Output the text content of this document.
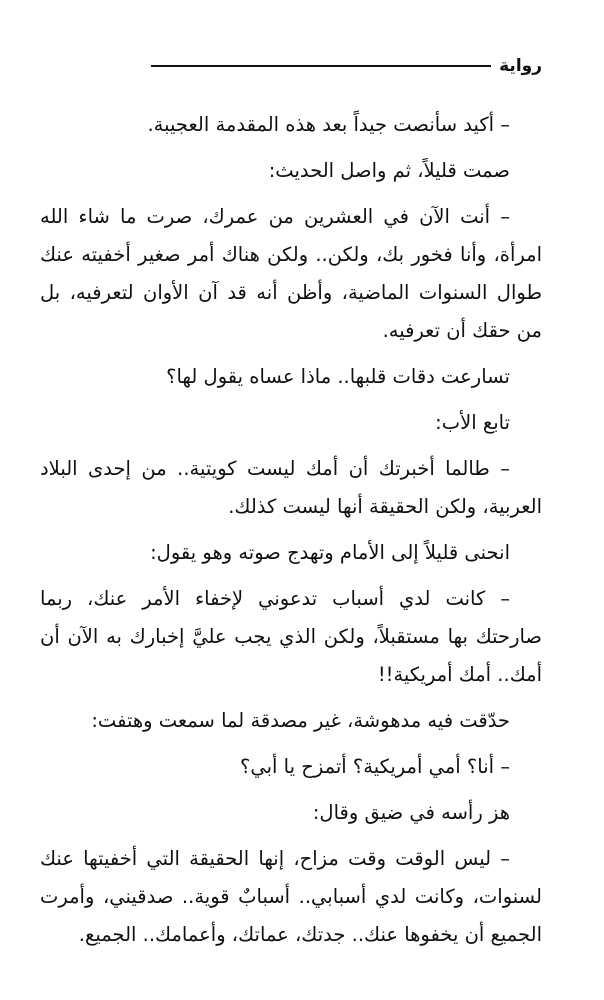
رواية

– أكيد سأنصت جيداً بعد هذه المقدمة العجيبة.

صمت قليلاً، ثم واصل الحديث:

– أنت الآن في العشرين من عمرك، صرت ما شاء الله امرأة، وأنا فخور بك، ولكن.. ولكن هناك أمر صغير أخفيته عنك طوال السنوات الماضية، وأظن أنه قد آن الأوان لتعرفيه، بل من حقك أن تعرفيه.

تسارعت دقات قلبها.. ماذا عساه يقول لها؟

تابع الأب:

– طالما أخبرتك أن أمك ليست كويتية.. من إحدى البلاد العربية، ولكن الحقيقة أنها ليست كذلك.

انحنى قليلاً إلى الأمام وتهدج صوته وهو يقول:

– كانت لدي أسباب تدعوني لإخفاء الأمر عنك، ربما صارحتك بها مستقبلاً، ولكن الذي يجب عليَّ إخبارك به الآن أن أمك.. أمك أمريكية!!

حدّقت فيه مدهوشة، غير مصدقة لما سمعت وهتفت:

– أنا؟ أمي أمريكية؟ أتمزح يا أبي؟

هز رأسه في ضيق وقال:

– ليس الوقت وقت مزاح، إنها الحقيقة التي أخفيتها عنك لسنوات، وكانت لدي أسبابي.. أسبابٌ قوية.. صدقيني، وأمرت الجميع أن يخفوها عنك.. جدتك، عماتك، وأعمامك.. الجميع.
